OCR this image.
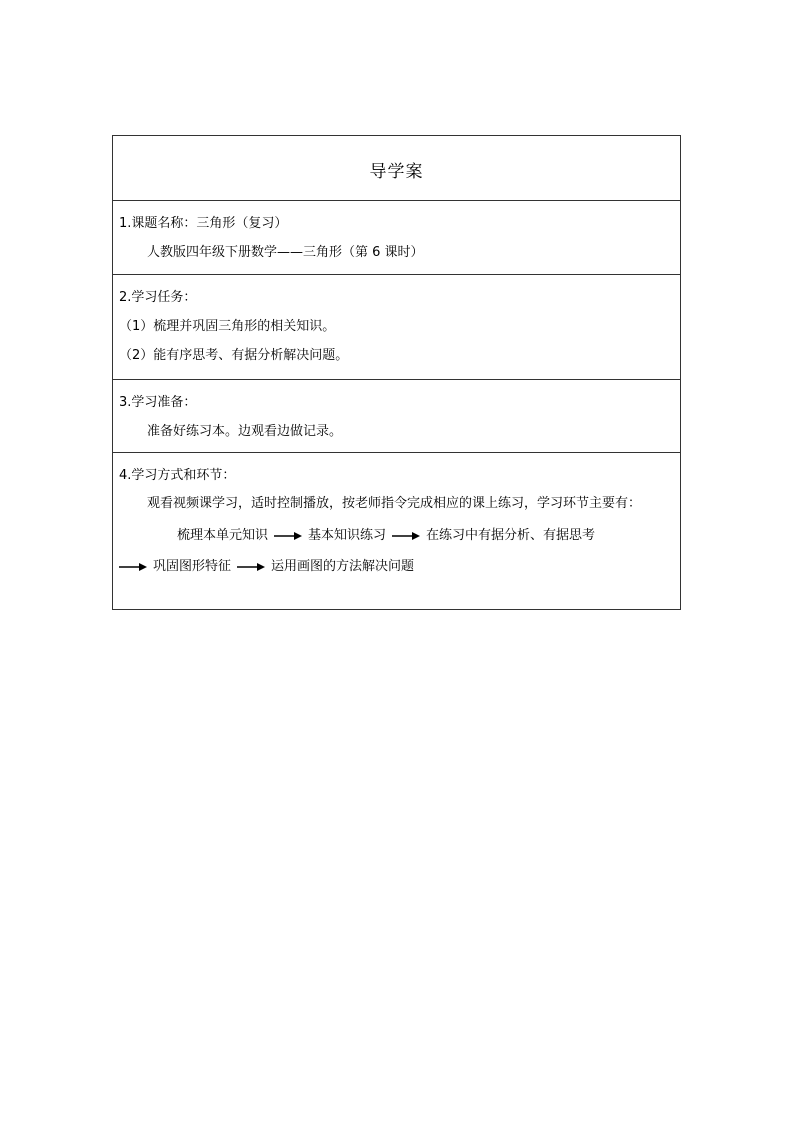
导学案
1.课题名称：三角形（复习）
人教版四年级下册数学——三角形（第 6 课时）
2.学习任务：
（1）梳理并巩固三角形的相关知识。
（2）能有序思考、有据分析解决问题。
3.学习准备：
准备好练习本。边观看边做记录。
4.学习方式和环节：
观看视频课学习，适时控制播放，按老师指令完成相应的课上练习，学习环节主要有：
梳理本单元知识	基本知识练习	在练习中有据分析、有据思考
巩固图形特征	运用画图的方法解决问题
